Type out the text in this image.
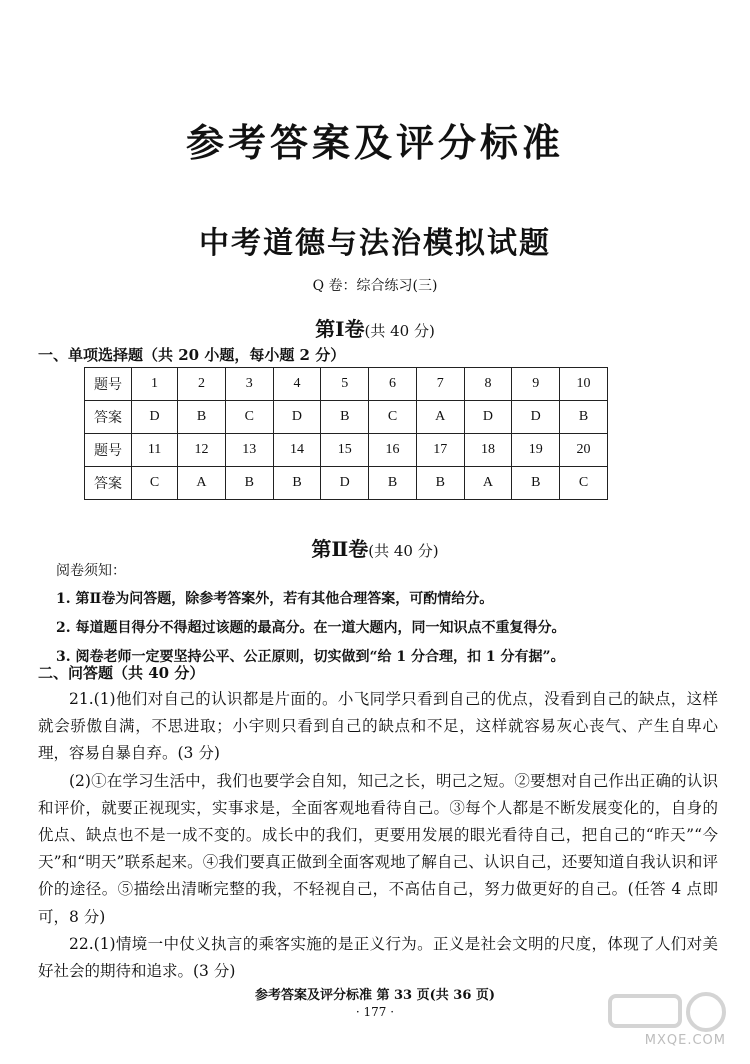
参考答案及评分标准
中考道德与法治模拟试题
Q 卷：综合练习(三)
第Ⅰ卷(共 40 分)
一、单项选择题（共 20 小题，每小题 2 分）
题号	1	2	3	4	5	6	7	8	9	10
答案	D	B	C	D	B	C	A	D	D	B
题号	11	12	13	14	15	16	17	18	19	20
答案	C	A	B	B	D	B	B	A	B	C
第Ⅱ卷(共 40 分)
阅卷须知：
1. 第Ⅱ卷为问答题，除参考答案外，若有其他合理答案，可酌情给分。
2. 每道题目得分不得超过该题的最高分。在一道大题内，同一知识点不重复得分。
3. 阅卷老师一定要坚持公平、公正原则，切实做到“给 1 分合理，扣 1 分有据”。
二、问答题（共 40 分）

21.(1)他们对自己的认识都是片面的。小飞同学只看到自己的优点，没看到自己的缺点，这样就会骄傲自满，不思进取；小宇则只看到自己的缺点和不足，这样就容易灰心丧气、产生自卑心理，容易自暴自弃。(3 分)

(2)①在学习生活中，我们也要学会自知，知己之长，明己之短。②要想对自己作出正确的认识和评价，就要正视现实，实事求是，全面客观地看待自己。③每个人都是不断发展变化的，自身的优点、缺点也不是一成不变的。成长中的我们，更要用发展的眼光看待自己，把自己的“昨天”“今天”和“明天”联系起来。④我们要真正做到全面客观地了解自己、认识自己，还要知道自我认识和评价的途径。⑤描绘出清晰完整的我，不轻视自己，不高估自己，努力做更好的自己。(任答 4 点即可，8 分)

22.(1)情境一中仗义执言的乘客实施的是正义行为。正义是社会文明的尺度，体现了人们对美好社会的期待和追求。(3 分)

参考答案及评分标准 第 33 页(共 36 页)
· 177 ·
MXQE.COM
